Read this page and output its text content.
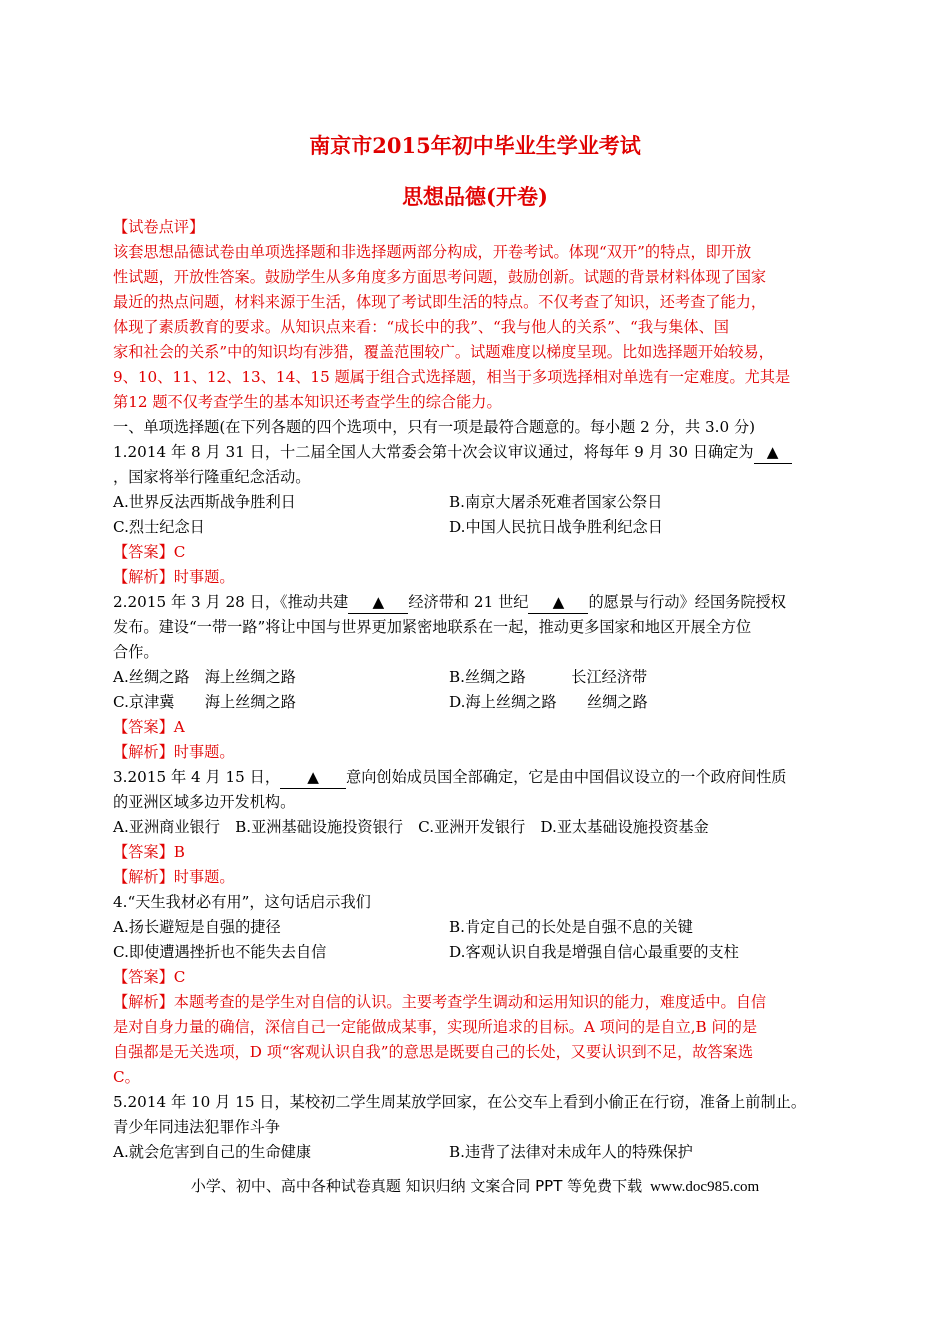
南京市2015年初中毕业生学业考试
思想品德(开卷)
【试卷点评】
该套思想品德试卷由单项选择题和非选择题两部分构成，开卷考试。体现“双开”的特点，即开放
性试题，开放性答案。鼓励学生从多角度多方面思考问题，鼓励创新。试题的背景材料体现了国家
最近的热点问题，材料来源于生活，体现了考试即生活的特点。不仅考查了知识，还考查了能力，
体现了素质教育的要求。从知识点来看：“成长中的我”、“我与他人的关系”、“我与集体、国
家和社会的关系”中的知识均有涉猎，覆盖范围较广。试题难度以梯度呈现。比如选择题开始较易，
9、10、11、12、13、14、15 题属于组合式选择题，相当于多项选择相对单选有一定难度。尤其是
第12 题不仅考查学生的基本知识还考查学生的综合能力。
一、单项选择题(在下列各题的四个选项中，只有一项是最符合题意的。每小题 2 分，共 3.0 分)
1.2014 年 8 月 31 日，十二届全国人大常委会第十次会议审议通过，将每年 9 月 30 日确定为 ▲
，国家将举行隆重纪念活动。
A.世界反法西斯战争胜利日	B.南京大屠杀死难者国家公祭日
C.烈士纪念日	D.中国人民抗日战争胜利纪念日
【答案】C
【解析】时事题。
2.2015 年 3 月 28 日，《推动共建 ▲ 经济带和 21 世纪 ▲ 的愿景与行动》经国务院授权
发布。建设“一带一路”将让中国与世界更加紧密地联系在一起，推动更多国家和地区开展全方位
合作。
A.丝绸之路　海上丝绸之路	B.丝绸之路　　　长江经济带
C.京津冀　　海上丝绸之路	D.海上丝绸之路　　丝绸之路
【答案】A
【解析】时事题。
3.2015 年 4 月 15 日， ▲ 意向创始成员国全部确定，它是由中国倡议设立的一个政府间性质
的亚洲区域多边开发机构。
A.亚洲商业银行　B.亚洲基础设施投资银行　C.亚洲开发银行　D.亚太基础设施投资基金
【答案】B
【解析】时事题。
4.“天生我材必有用”，这句话启示我们
A.扬长避短是自强的捷径	B.肯定自己的长处是自强不息的关键
C.即使遭遇挫折也不能失去自信	D.客观认识自我是增强自信心最重要的支柱
【答案】C
【解析】本题考查的是学生对自信的认识。主要考查学生调动和运用知识的能力，难度适中。自信
是对自身力量的确信，深信自己一定能做成某事，实现所追求的目标。A 项问的是自立,B 问的是
自强都是无关选项，D 项“客观认识自我”的意思是既要自己的长处，又要认识到不足，故答案选
C。
5.2014 年 10 月 15 日，某校初二学生周某放学回家，在公交车上看到小偷正在行窃，准备上前制止。
青少年同违法犯罪作斗争
A.就会危害到自己的生命健康	B.违背了法律对未成年人的特殊保护
小学、初中、高中各种试卷真题 知识归纳 文案合同 PPT 等免费下载 www.doc985.com
